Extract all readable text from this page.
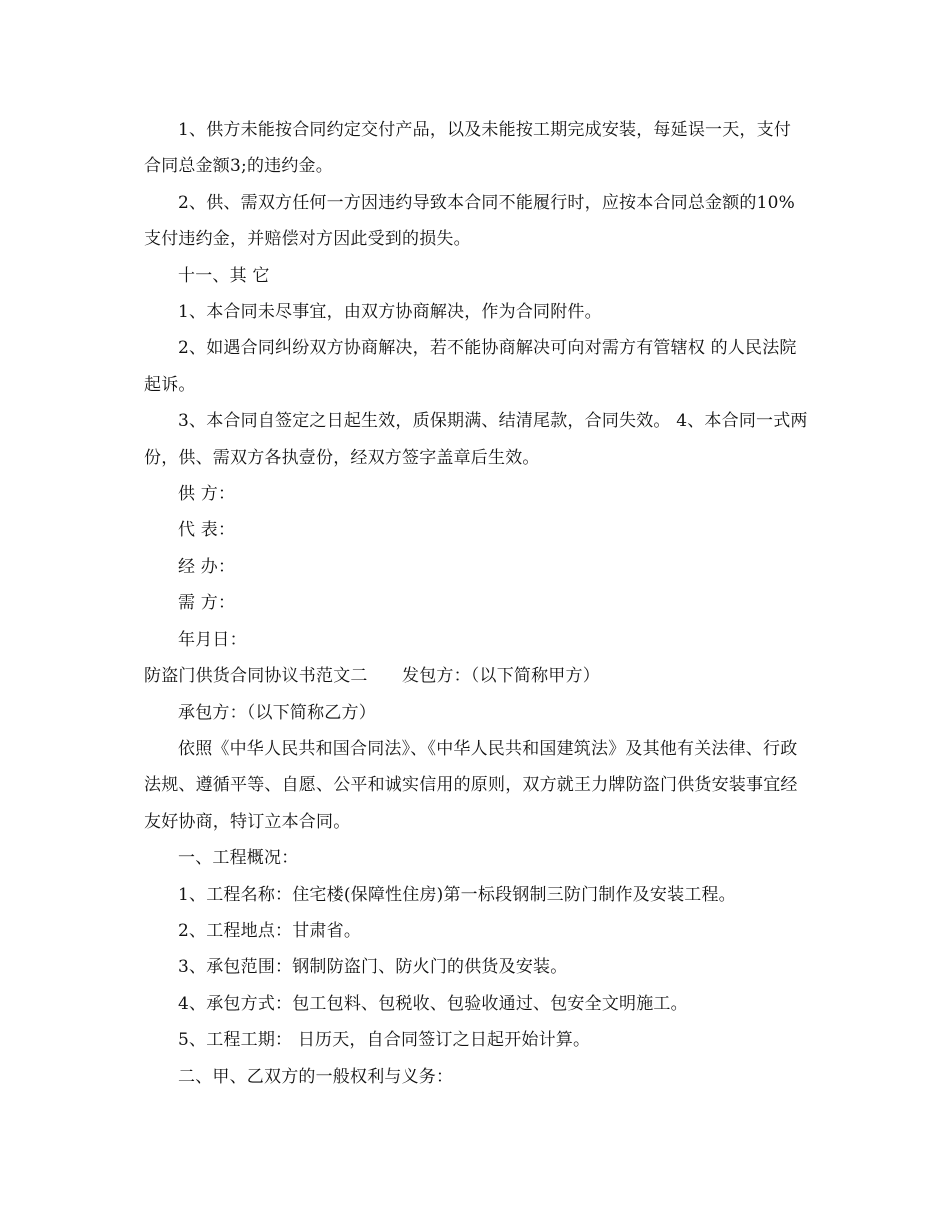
1、供方未能按合同约定交付产品，以及未能按工期完成安装，每延误一天，支付合同总金额3;的违约金。

2、供、需双方任何一方因违约导致本合同不能履行时，应按本合同总金额的10%支付违约金，并赔偿对方因此受到的损失。

十一、其 它

1、本合同未尽事宜，由双方协商解决，作为合同附件。

2、如遇合同纠纷双方协商解决，若不能协商解决可向对需方有管辖权 的人民法院起诉。

3、本合同自签定之日起生效，质保期满、结清尾款，合同失效。 4、本合同一式两份，供、需双方各执壹份，经双方签字盖章后生效。

供 方：

代 表：

经 办：

需 方：

年月日：

防盗门供货合同协议书范文二　　发包方：（以下简称甲方）

承包方：（以下简称乙方）

依照《中华人民共和国合同法》、《中华人民共和国建筑法》及其他有关法律、行政法规、遵循平等、自愿、公平和诚实信用的原则，双方就王力牌防盗门供货安装事宜经友好协商，特订立本合同。

一、工程概况：

1、工程名称：住宅楼(保障性住房)第一标段钢制三防门制作及安装工程。

2、工程地点：甘肃省。

3、承包范围：钢制防盗门、防火门的供货及安装。

4、承包方式：包工包料、包税收、包验收通过、包安全文明施工。

5、工程工期： 日历天，自合同签订之日起开始计算。

二、甲、乙双方的一般权利与义务：
